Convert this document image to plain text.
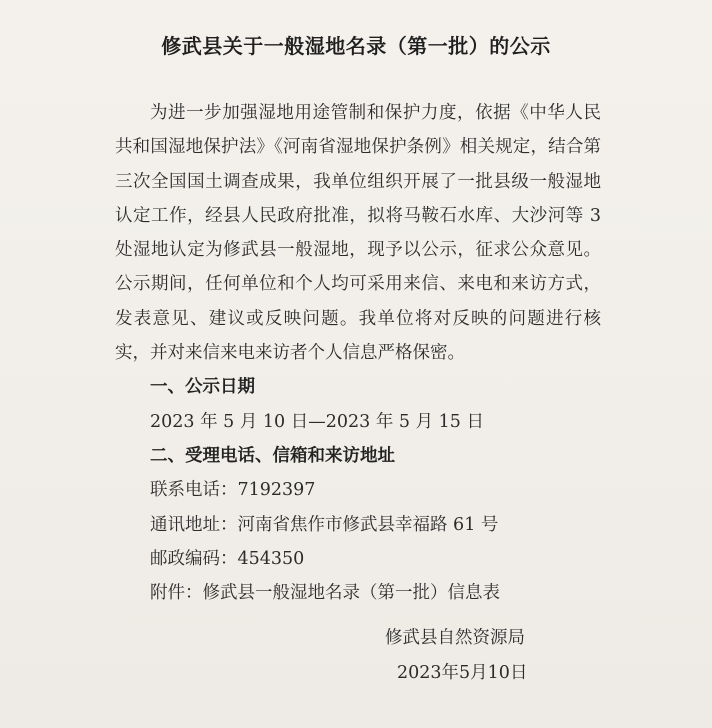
修武县关于一般湿地名录（第一批）的公示

为进一步加强湿地用途管制和保护力度，依据《中华人民共和国湿地保护法》《河南省湿地保护条例》相关规定，结合第三次全国国土调查成果，我单位组织开展了一批县级一般湿地认定工作，经县人民政府批准，拟将马鞍石水库、大沙河等 3 处湿地认定为修武县一般湿地，现予以公示，征求公众意见。公示期间，任何单位和个人均可采用来信、来电和来访方式，发表意见、建议或反映问题。我单位将对反映的问题进行核实，并对来信来电来访者个人信息严格保密。

一、公示日期

2023 年 5 月 10 日—2023 年 5 月 15 日

二、受理电话、信箱和来访地址

联系电话：7192397

通讯地址：河南省焦作市修武县幸福路 61 号

邮政编码：454350

附件：修武县一般湿地名录（第一批）信息表

修武县自然资源局

2023年5月10日
